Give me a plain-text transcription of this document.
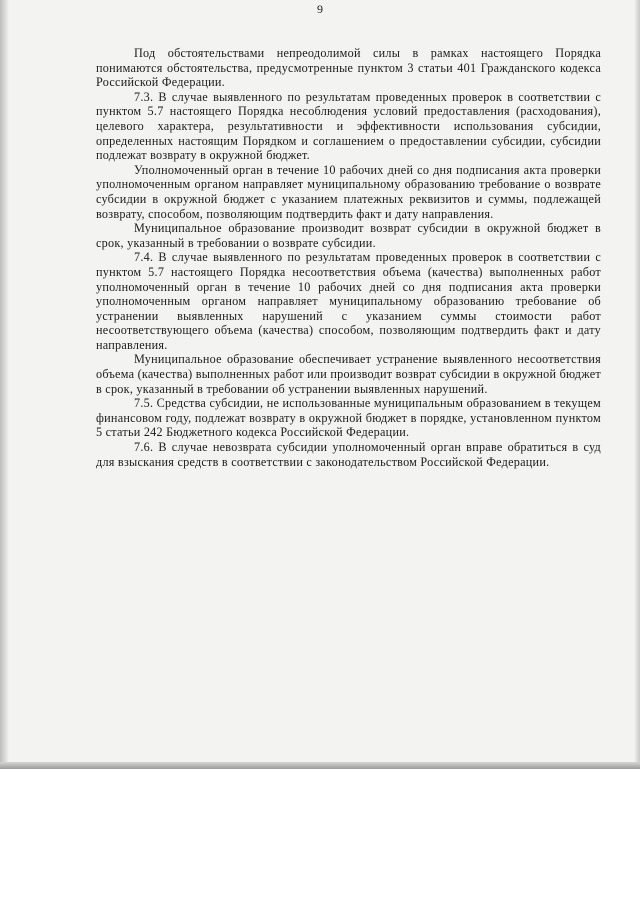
9

Под обстоятельствами непреодолимой силы в рамках настоящего Порядка понимаются обстоятельства, предусмотренные пунктом 3 статьи 401 Гражданского кодекса Российской Федерации.

7.3. В случае выявленного по результатам проведенных проверок в соответствии с пунктом 5.7 настоящего Порядка несоблюдения условий предоставления (расходования), целевого характера, результативности и эффективности использования субсидии, определенных настоящим Порядком и соглашением о предоставлении субсидии, субсидии подлежат возврату в окружной бюджет.

Уполномоченный орган в течение 10 рабочих дней со дня подписания акта проверки уполномоченным органом направляет муниципальному образованию требование о возврате субсидии в окружной бюджет с указанием платежных реквизитов и суммы, подлежащей возврату, способом, позволяющим подтвердить факт и дату направления.

Муниципальное образование производит возврат субсидии в окружной бюджет в срок, указанный в требовании о возврате субсидии.

7.4. В случае выявленного по результатам проведенных проверок в соответствии с пунктом 5.7 настоящего Порядка несоответствия объема (качества) выполненных работ уполномоченный орган в течение 10 рабочих дней со дня подписания акта проверки уполномоченным органом направляет муниципальному образованию требование об устранении выявленных нарушений с указанием суммы стоимости работ несоответствующего объема (качества) способом, позволяющим подтвердить факт и дату направления.

Муниципальное образование обеспечивает устранение выявленного несоответствия объема (качества) выполненных работ или производит возврат субсидии в окружной бюджет в срок, указанный в требовании об устранении выявленных нарушений.

7.5. Средства субсидии, не использованные муниципальным образованием в текущем финансовом году, подлежат возврату в окружной бюджет в порядке, установленном пунктом 5 статьи 242 Бюджетного кодекса Российской Федерации.

7.6. В случае невозврата субсидии уполномоченный орган вправе обратиться в суд для взыскания средств в соответствии с законодательством Российской Федерации.
